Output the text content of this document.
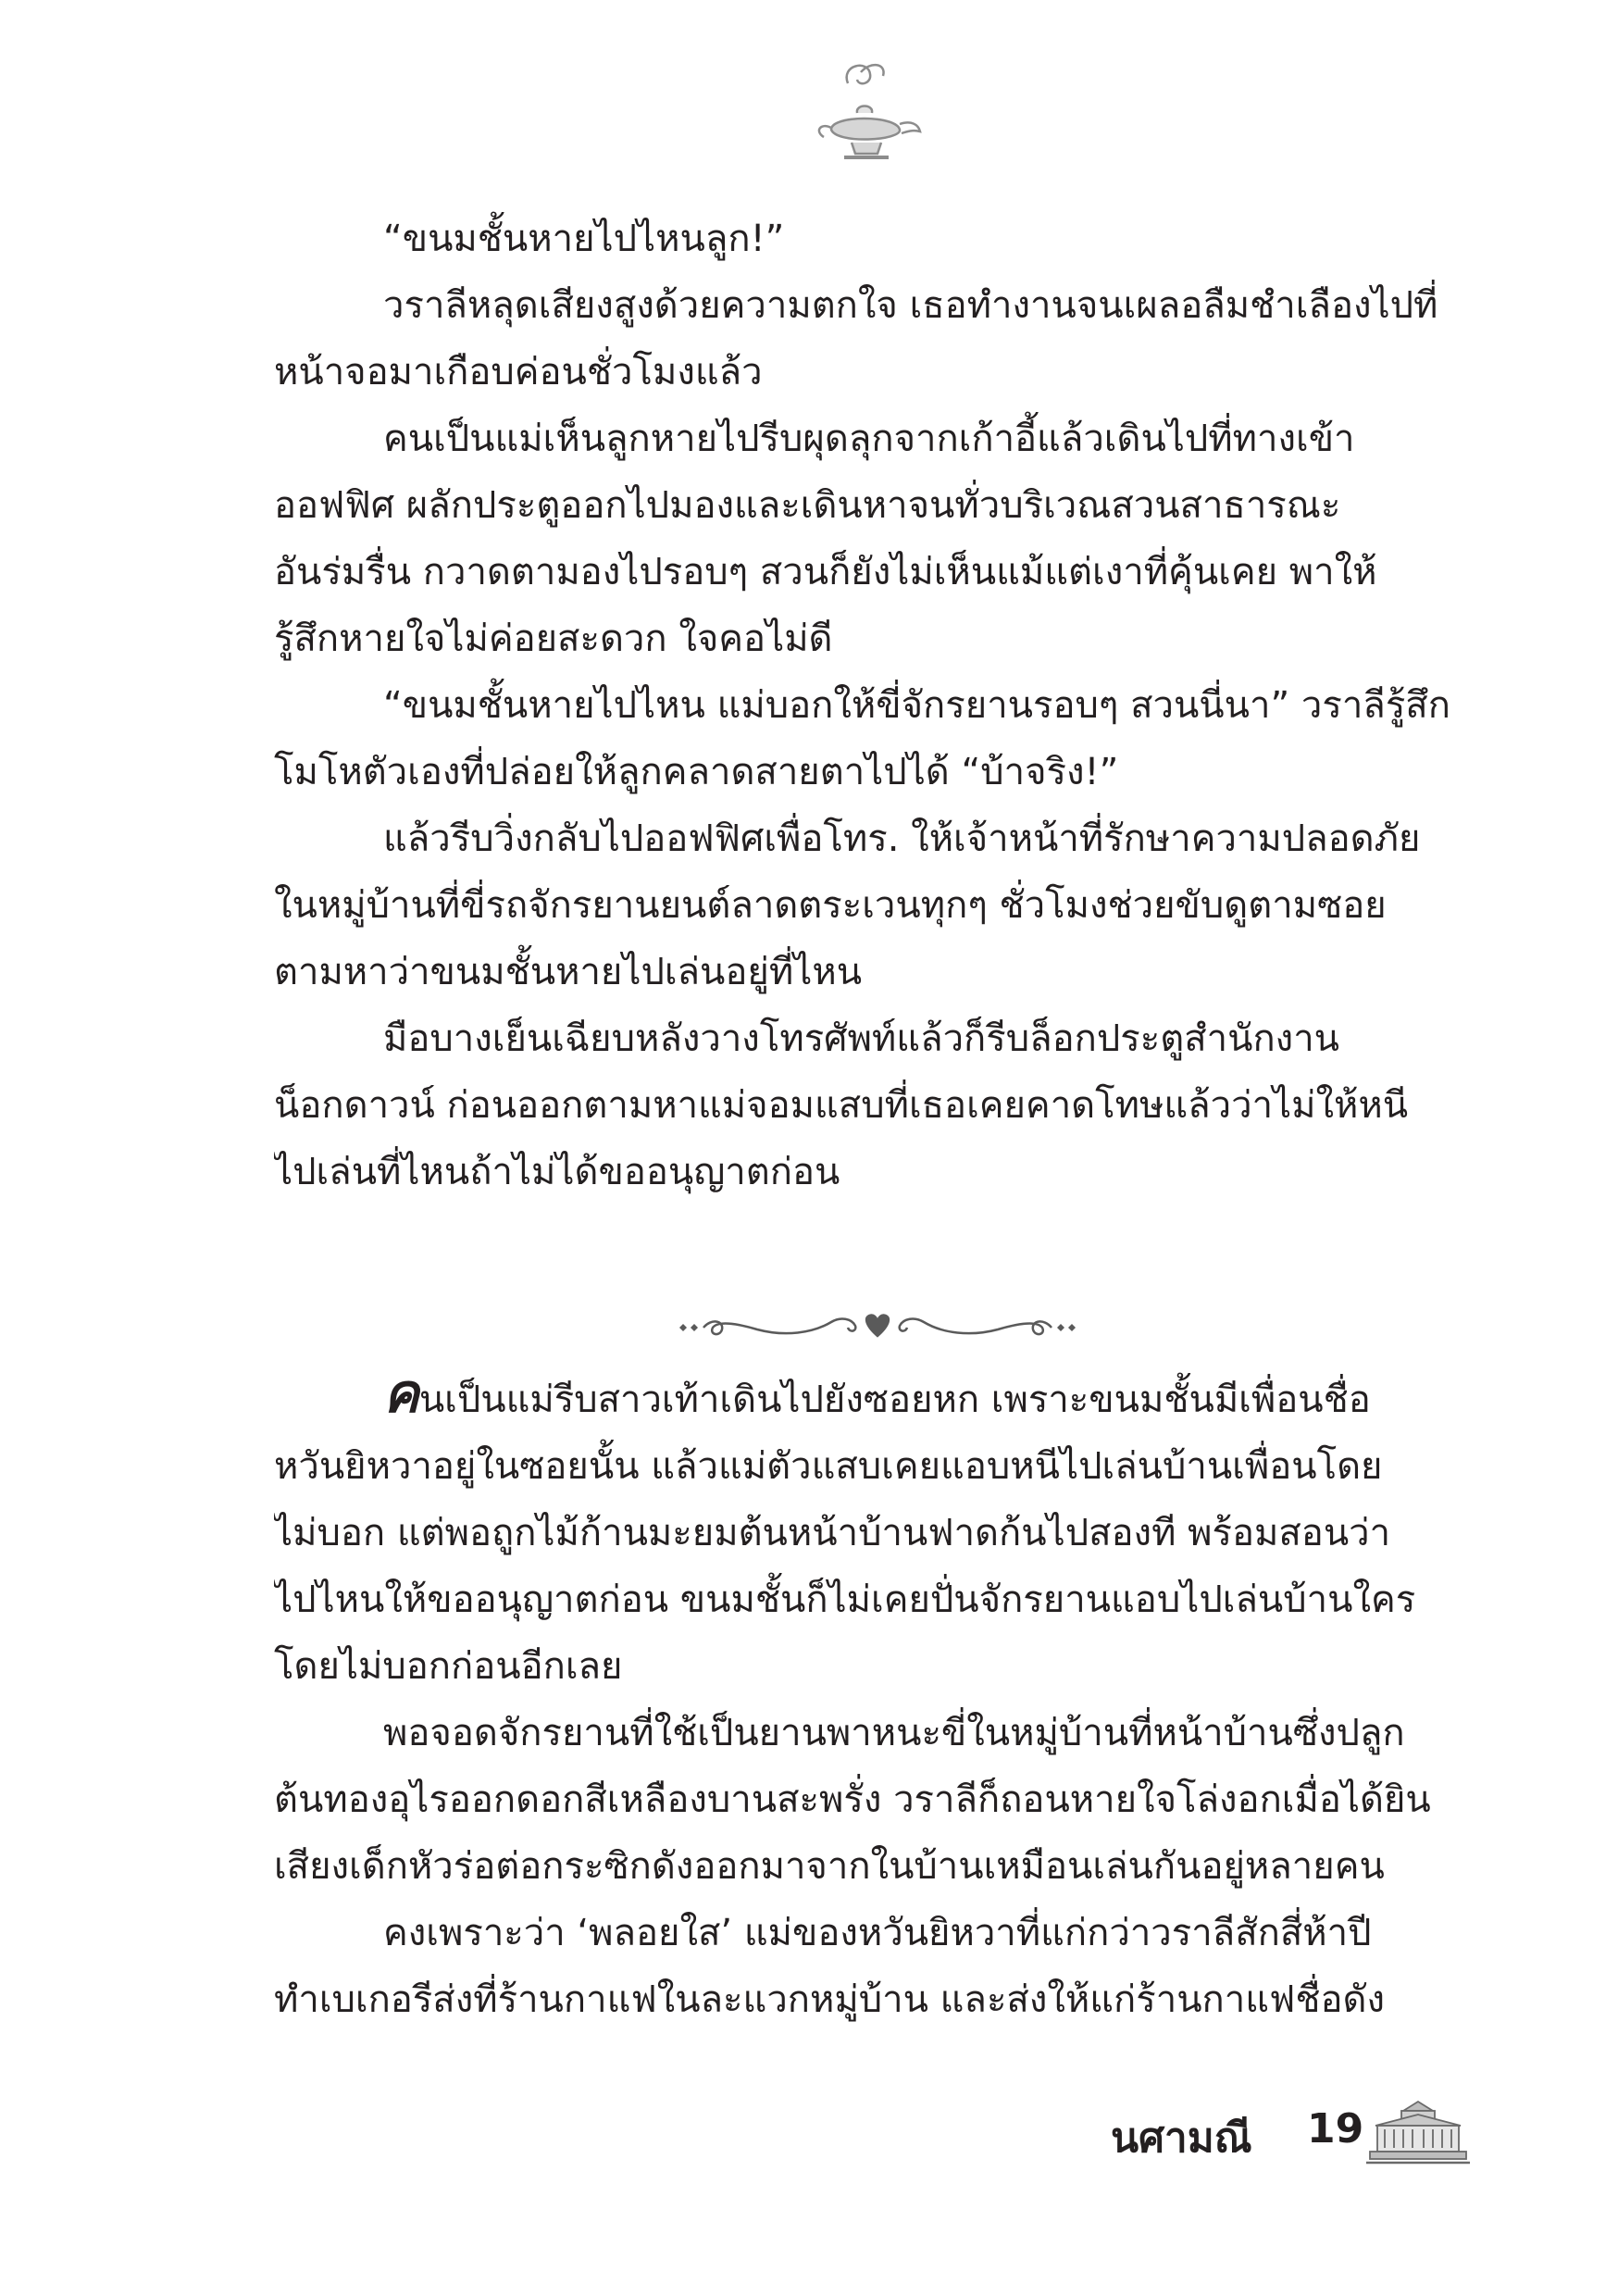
“ขนมชั้นหายไปไหนลูก!”
วราลีหลุดเสียงสูงด้วยความตกใจ เธอทำงานจนเผลอลืมชำเลืองไปที่
หน้าจอมาเกือบค่อนชั่วโมงแล้ว
คนเป็นแม่เห็นลูกหายไปรีบผุดลุกจากเก้าอี้แล้วเดินไปที่ทางเข้า
ออฟฟิศ ผลักประตูออกไปมองและเดินหาจนทั่วบริเวณสวนสาธารณะ
อันร่มรื่น กวาดตามองไปรอบๆ สวนก็ยังไม่เห็นแม้แต่เงาที่คุ้นเคย พาให้
รู้สึกหายใจไม่ค่อยสะดวก ใจคอไม่ดี
“ขนมชั้นหายไปไหน แม่บอกให้ขี่จักรยานรอบๆ สวนนี่นา” วราลีรู้สึก
โมโหตัวเองที่ปล่อยให้ลูกคลาดสายตาไปได้ “บ้าจริง!”
แล้วรีบวิ่งกลับไปออฟฟิศเพื่อโทร. ให้เจ้าหน้าที่รักษาความปลอดภัย
ในหมู่บ้านที่ขี่รถจักรยานยนต์ลาดตระเวนทุกๆ ชั่วโมงช่วยขับดูตามซอย
ตามหาว่าขนมชั้นหายไปเล่นอยู่ที่ไหน
มือบางเย็นเฉียบหลังวางโทรศัพท์แล้วก็รีบล็อกประตูสำนักงาน
น็อกดาวน์ ก่อนออกตามหาแม่จอมแสบที่เธอเคยคาดโทษแล้วว่าไม่ให้หนี
ไปเล่นที่ไหนถ้าไม่ได้ขออนุญาตก่อน
คนเป็นแม่รีบสาวเท้าเดินไปยังซอยหก เพราะขนมชั้นมีเพื่อนชื่อ
หวันยิหวาอยู่ในซอยนั้น แล้วแม่ตัวแสบเคยแอบหนีไปเล่นบ้านเพื่อนโดย
ไม่บอก แต่พอถูกไม้ก้านมะยมต้นหน้าบ้านฟาดก้นไปสองที พร้อมสอนว่า
ไปไหนให้ขออนุญาตก่อน ขนมชั้นก็ไม่เคยปั่นจักรยานแอบไปเล่นบ้านใคร
โดยไม่บอกก่อนอีกเลย
พอจอดจักรยานที่ใช้เป็นยานพาหนะขี่ในหมู่บ้านที่หน้าบ้านซึ่งปลูก
ต้นทองอุไรออกดอกสีเหลืองบานสะพรั่ง วราลีก็ถอนหายใจโล่งอกเมื่อได้ยิน
เสียงเด็กหัวร่อต่อกระซิกดังออกมาจากในบ้านเหมือนเล่นกันอยู่หลายคน
คงเพราะว่า ‘พลอยใส’ แม่ของหวันยิหวาที่แก่กว่าวราลีสักสี่ห้าปี
ทำเบเกอรีส่งที่ร้านกาแฟในละแวกหมู่บ้าน และส่งให้แก่ร้านกาแฟชื่อดัง
นศามณี 19
